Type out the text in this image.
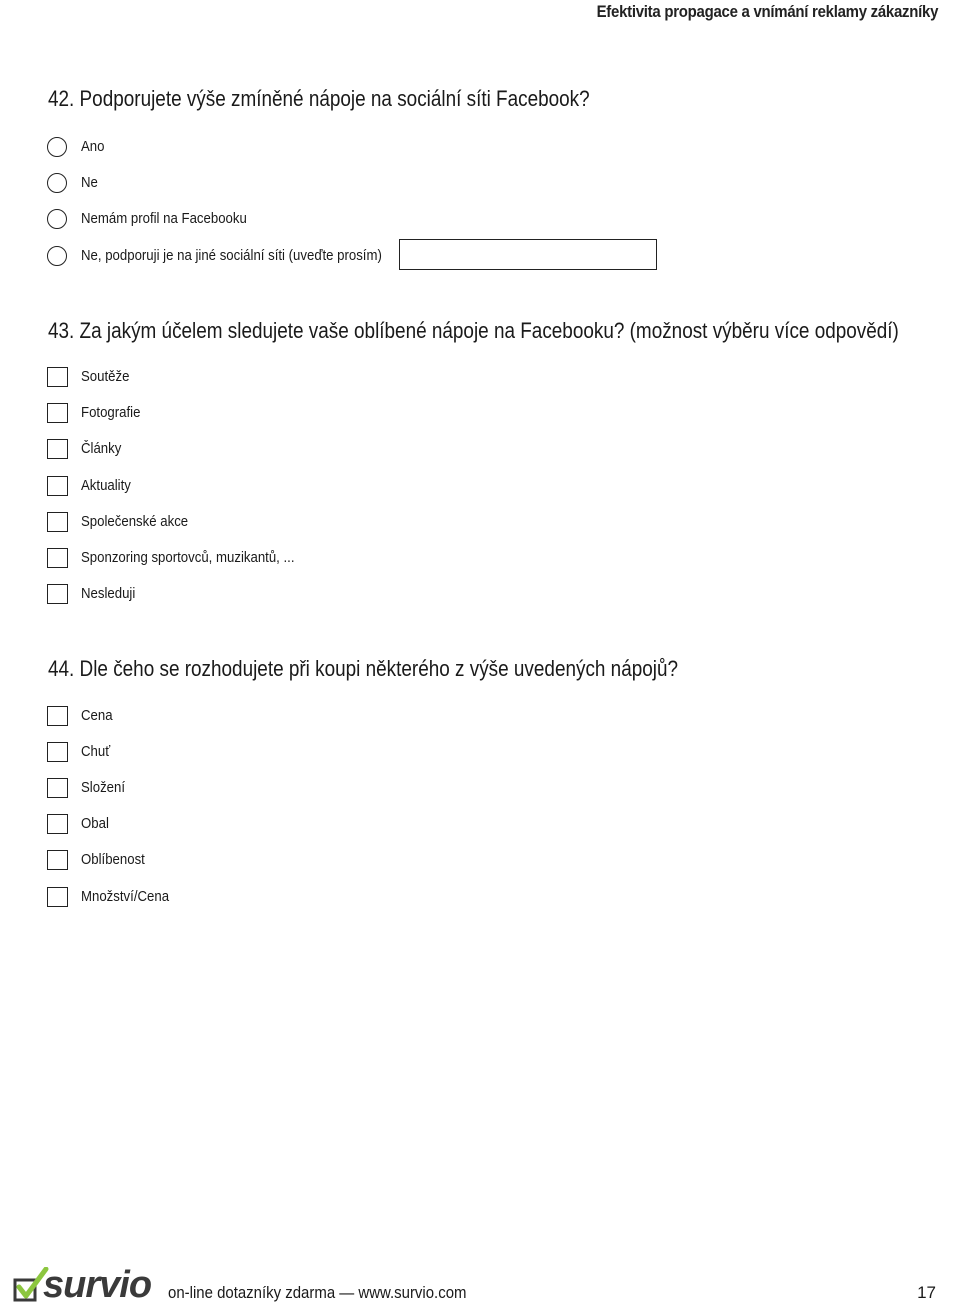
Efektivita propagace a vnímání reklamy zákazníky
42. Podporujete výše zmíněné nápoje na sociální síti Facebook?
Ano
Ne
Nemám profil na Facebooku
Ne, podporuji je na jiné sociální síti (uveďte prosím)
43. Za jakým účelem sledujete vaše oblíbené nápoje na Facebooku? (možnost výběru více odpovědí)
Soutěže
Fotografie
Články
Aktuality
Společenské akce
Sponzoring sportovců, muzikantů, ...
Nesleduji
44. Dle čeho se rozhodujete při koupi některého z výše uvedených nápojů?
Cena
Chuť
Složení
Obal
Oblíbenost
Množství/Cena
survio on-line dotazníky zdarma — www.survio.com	17
